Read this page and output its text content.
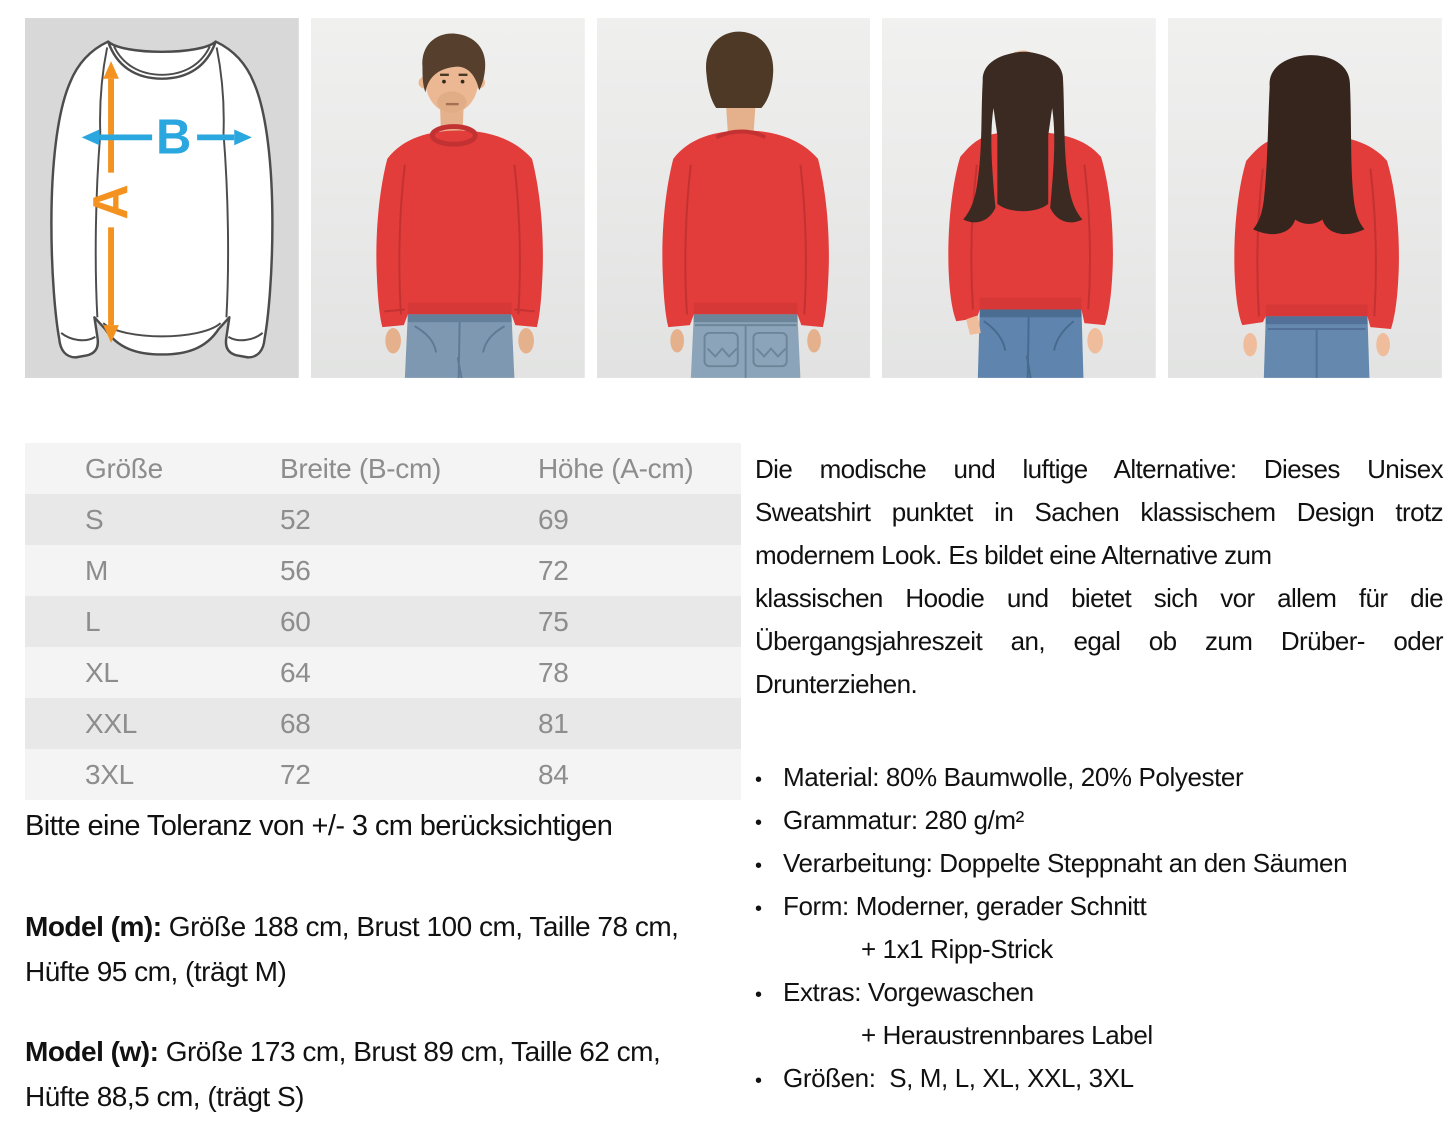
A
B
Größe	Breite (B-cm)	Höhe (A-cm)
S	52	69
M	56	72
L	60	75
XL	64	78
XXL	68	81
3XL	72	84
Bitte eine Toleranz von +/- 3 cm berücksichtigen
Model (m): Größe 188 cm, Brust 100 cm, Taille 78 cm, Hüfte 95 cm, (trägt M)
Model (w): Größe 173 cm, Brust 89 cm, Taille 62 cm, Hüfte 88,5 cm, (trägt S)
Die modische und luftige Alternative: Dieses Unisex
Sweatshirt punktet in Sachen klassischem Design trotz
modernem Look. Es bildet eine Alternative zum
klassischen Hoodie und bietet sich vor allem für die
Übergangsjahreszeit an, egal ob zum Drüber- oder
Drunterziehen.
• Material: 80% Baumwolle, 20% Polyester
• Grammatur: 280 g/m²
• Verarbeitung: Doppelte Steppnaht an den Säumen
• Form: Moderner, gerader Schnitt
+ 1x1 Ripp-Strick
• Extras: Vorgewaschen
+ Heraustrennbares Label
• Größen:  S, M, L, XL, XXL, 3XL
